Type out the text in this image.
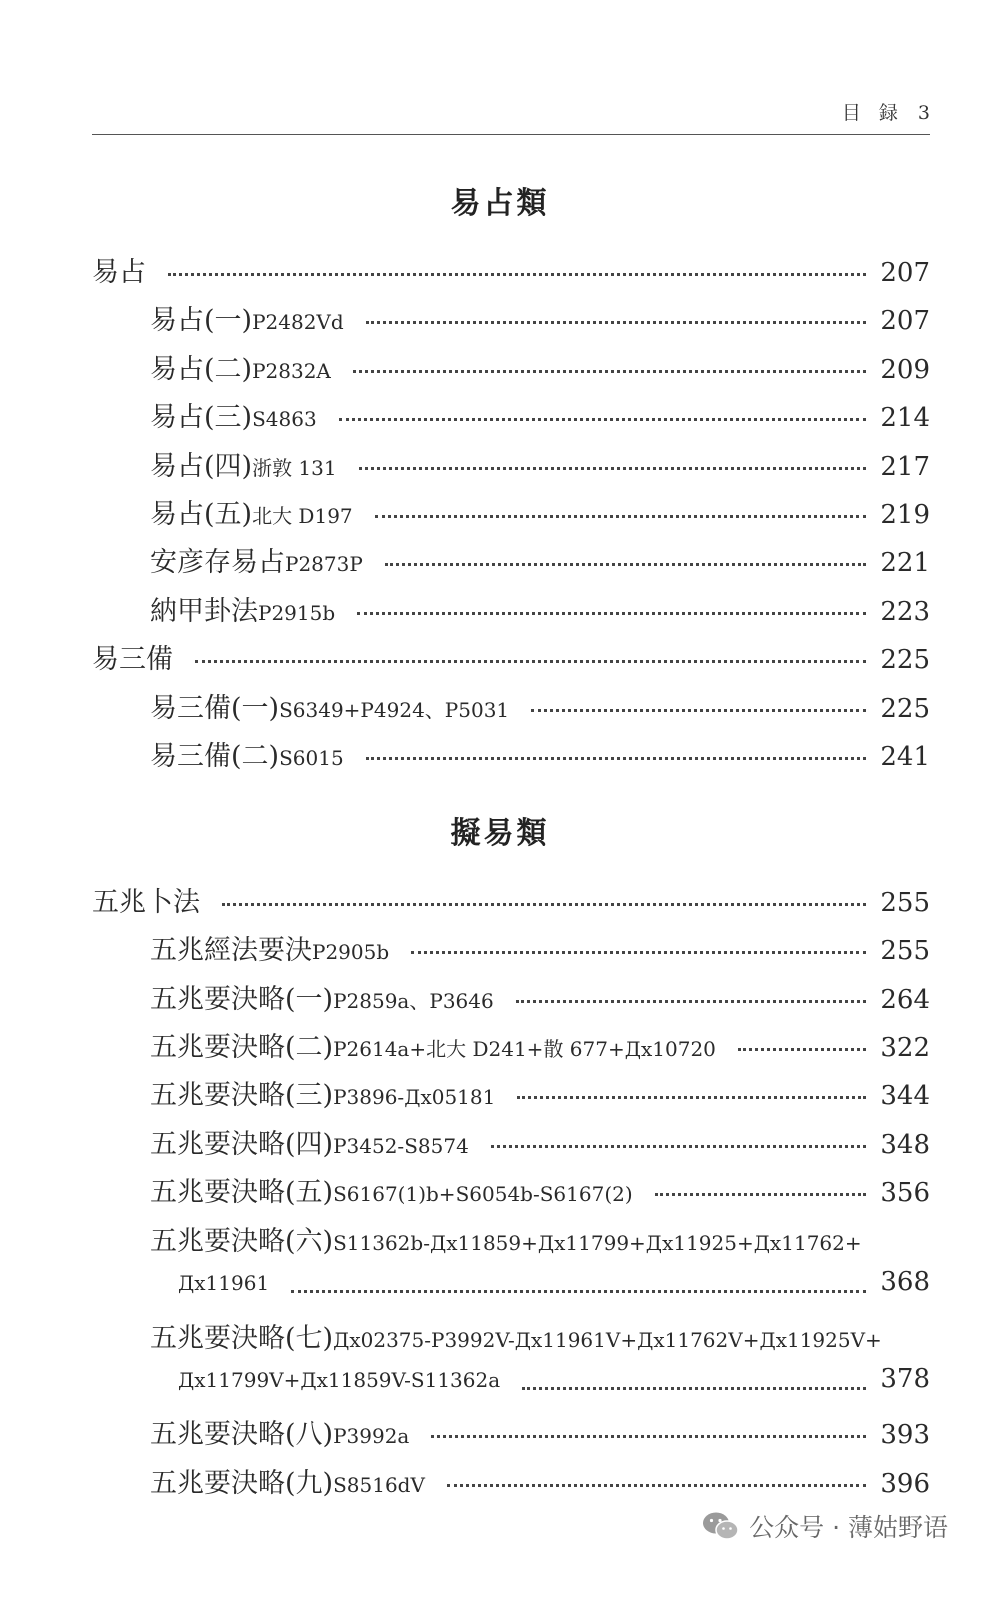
目 録 3
易占類
易占	207
易占(一) P2482Vd	207
易占(二) P2832A	209
易占(三) S4863	214
易占(四) 浙敦 131	217
易占(五) 北大 D197	219
安彦存易占 P2873P	221
納甲卦法 P2915b	223
易三備	225
易三備(一) S6349+P4924、P5031	225
易三備(二) S6015	241
擬易類
五兆卜法	255
五兆經法要決 P2905b	255
五兆要決略(一) P2859a、P3646	264
五兆要決略(二) P2614a+北大 D241+散 677+Дх10720	322
五兆要決略(三) P3896-Дх05181	344
五兆要決略(四) P3452-S8574	348
五兆要決略(五) S6167(1)b+S6054b-S6167(2)	356
五兆要決略(六) S11362b-Дх11859+Дх11799+Дх11925+Дх11762+
Дх11961	368
五兆要決略(七) Дх02375-P3992V-Дх11961V+Дх11762V+Дх11925V+
Дх11799V+Дх11859V-S11362a	378
五兆要決略(八) P3992a	393
五兆要決略(九) S8516dV	396
公众号 · 薄姑野语
